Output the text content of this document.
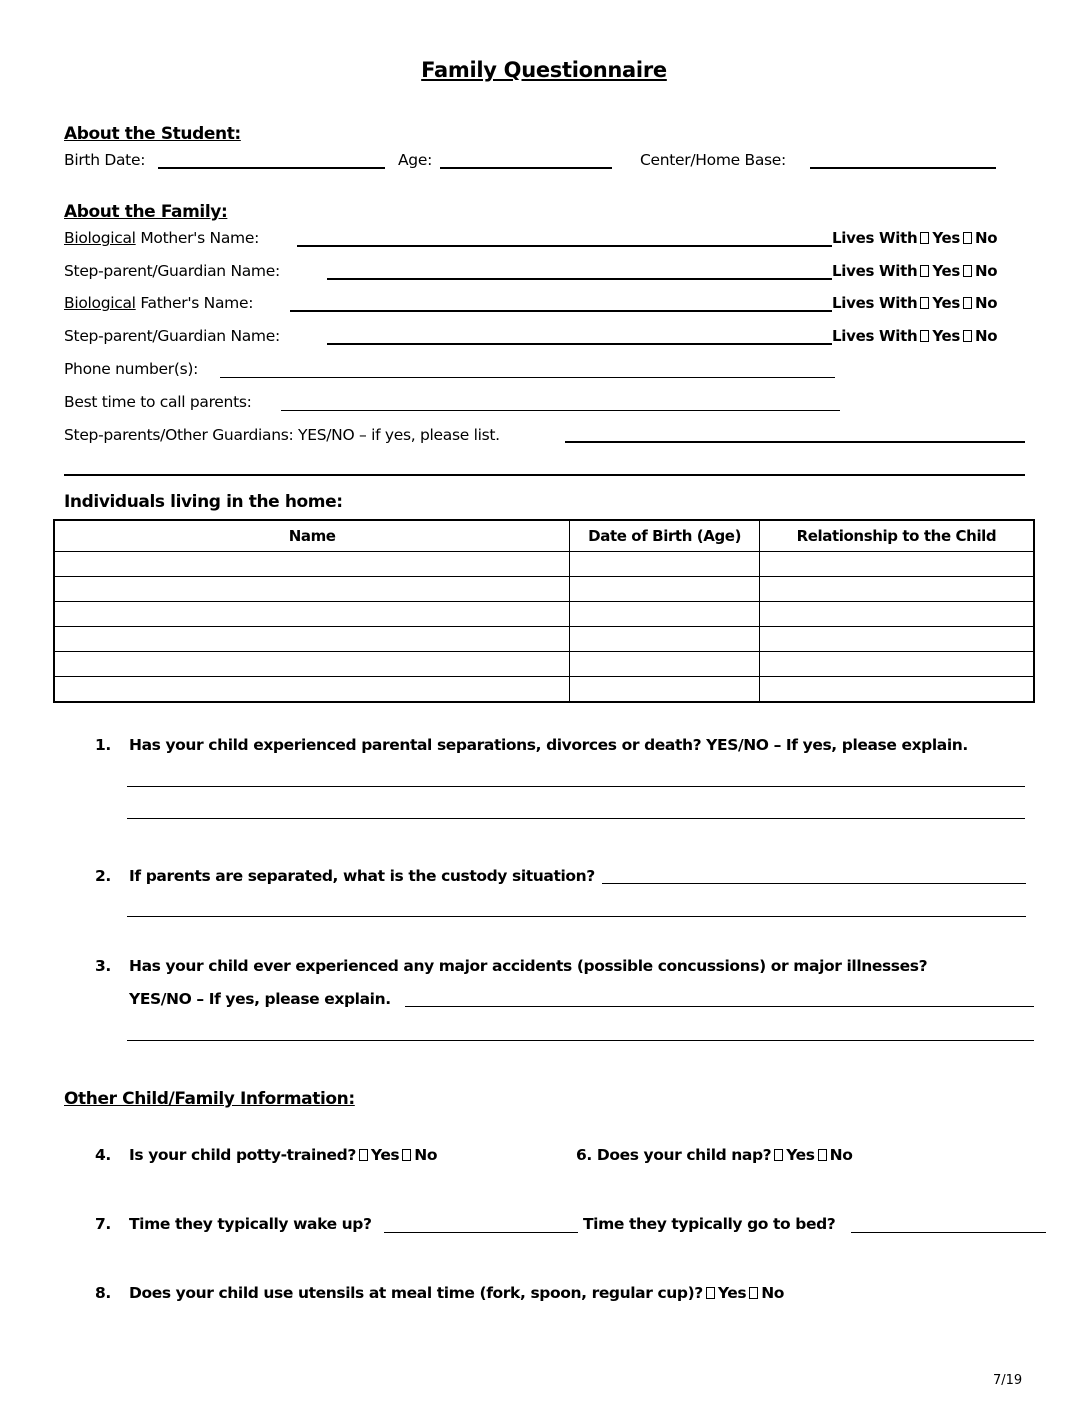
Family Questionnaire
About the Student:
Birth Date:	Age:	Center/Home Base:
About the Family:
Biological Mother's Name:	Lives With Yes No
Step-parent/Guardian Name:	Lives With Yes No
Biological Father's Name:	Lives With Yes No
Step-parent/Guardian Name:	Lives With Yes No
Phone number(s):
Best time to call parents:
Step-parents/Other Guardians: YES/NO – if yes, please list.
Individuals living in the home:
Name	Date of Birth (Age)	Relationship to the Child

1. Has your child experienced parental separations, divorces or death? YES/NO – If yes, please explain.
2. If parents are separated, what is the custody situation?
3. Has your child ever experienced any major accidents (possible concussions) or major illnesses?
YES/NO – If yes, please explain.
Other Child/Family Information:
4. Is your child potty-trained? Yes No	6. Does your child nap? Yes No
7. Time they typically wake up?	Time they typically go to bed?
8. Does your child use utensils at meal time (fork, spoon, regular cup)? Yes No
7/19
